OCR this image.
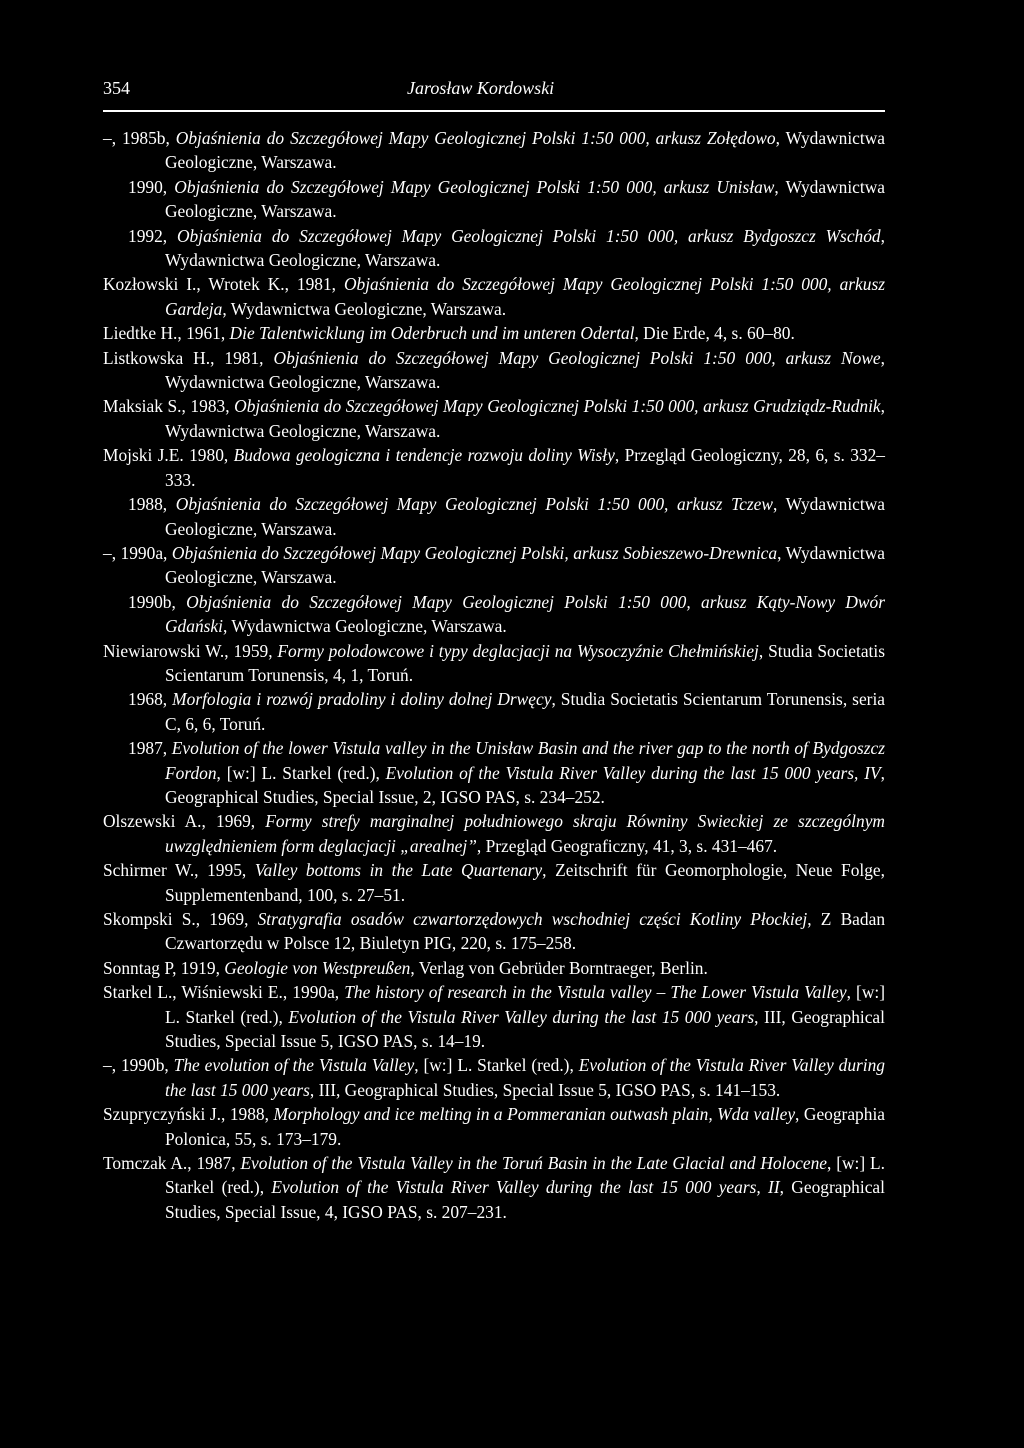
354	Jarosław Kordowski
–, 1985b, Objaśnienia do Szczegółowej Mapy Geologicznej Polski 1:50 000, arkusz Zołędowo, Wydawnictwa Geologiczne, Warszawa.
1990, Objaśnienia do Szczegółowej Mapy Geologicznej Polski 1:50 000, arkusz Unisław, Wydawnictwa Geologiczne, Warszawa.
1992, Objaśnienia do Szczegółowej Mapy Geologicznej Polski 1:50 000, arkusz Bydgoszcz Wschód, Wydawnictwa Geologiczne, Warszawa.
Kozłowski I., Wrotek K., 1981, Objaśnienia do Szczegółowej Mapy Geologicznej Polski 1:50 000, arkusz Gardeja, Wydawnictwa Geologiczne, Warszawa.
Liedtke H., 1961, Die Talentwicklung im Oderbruch und im unteren Odertal, Die Erde, 4, s. 60–80.
Listkowska H., 1981, Objaśnienia do Szczegółowej Mapy Geologicznej Polski 1:50 000, arkusz Nowe, Wydawnictwa Geologiczne, Warszawa.
Maksiak S., 1983, Objaśnienia do Szczegółowej Mapy Geologicznej Polski 1:50 000, arkusz Grudziądz-Rudnik, Wydawnictwa Geologiczne, Warszawa.
Mojski J.E. 1980, Budowa geologiczna i tendencje rozwoju doliny Wisły, Przegląd Geologiczny, 28, 6, s. 332–333.
1988, Objaśnienia do Szczegółowej Mapy Geologicznej Polski 1:50 000, arkusz Tczew, Wydawnictwa Geologiczne, Warszawa.
–, 1990a, Objaśnienia do Szczegółowej Mapy Geologicznej Polski, arkusz Sobieszewo-Drewnica, Wydawnictwa Geologiczne, Warszawa.
1990b, Objaśnienia do Szczegółowej Mapy Geologicznej Polski 1:50 000, arkusz Kąty-Nowy Dwór Gdański, Wydawnictwa Geologiczne, Warszawa.
Niewiarowski W., 1959, Formy polodowcowe i typy deglacjacji na Wysoczyźnie Chełmińskiej, Studia Societatis Scientarum Torunensis, 4, 1, Toruń.
1968, Morfologia i rozwój pradoliny i doliny dolnej Drwęcy, Studia Societatis Scientarum Torunensis, seria C, 6, 6, Toruń.
1987, Evolution of the lower Vistula valley in the Unisław Basin and the river gap to the north of Bydgoszcz Fordon, [w:] L. Starkel (red.), Evolution of the Vistula River Valley during the last 15 000 years, IV, Geographical Studies, Special Issue, 2, IGSO PAS, s. 234–252.
Olszewski A., 1969, Formy strefy marginalnej południowego skraju Równiny Swieckiej ze szczególnym uwzględnieniem form deglacjacji „arealnej”, Przegląd Geograficzny, 41, 3, s. 431–467.
Schirmer W., 1995, Valley bottoms in the Late Quartenary, Zeitschrift für Geomorphologie, Neue Folge, Supplementenband, 100, s. 27–51.
Skompski S., 1969, Stratygrafia osadów czwartorzędowych wschodniej części Kotliny Płockiej, Z Badan Czwartorzędu w Polsce 12, Biuletyn PIG, 220, s. 175–258.
Sonntag P, 1919, Geologie von Westpreußen, Verlag von Gebrüder Borntraeger, Berlin.
Starkel L., Wiśniewski E., 1990a, The history of research in the Vistula valley – The Lower Vistula Valley, [w:] L. Starkel (red.), Evolution of the Vistula River Valley during the last 15 000 years, III, Geographical Studies, Special Issue 5, IGSO PAS, s. 14–19.
–, 1990b, The evolution of the Vistula Valley, [w:] L. Starkel (red.), Evolution of the Vistula River Valley during the last 15 000 years, III, Geographical Studies, Special Issue 5, IGSO PAS, s. 141–153.
Szupryczyński J., 1988, Morphology and ice melting in a Pommeranian outwash plain, Wda valley, Geographia Polonica, 55, s. 173–179.
Tomczak A., 1987, Evolution of the Vistula Valley in the Toruń Basin in the Late Glacial and Holocene, [w:] L. Starkel (red.), Evolution of the Vistula River Valley during the last 15 000 years, II, Geographical Studies, Special Issue, 4, IGSO PAS, s. 207–231.
